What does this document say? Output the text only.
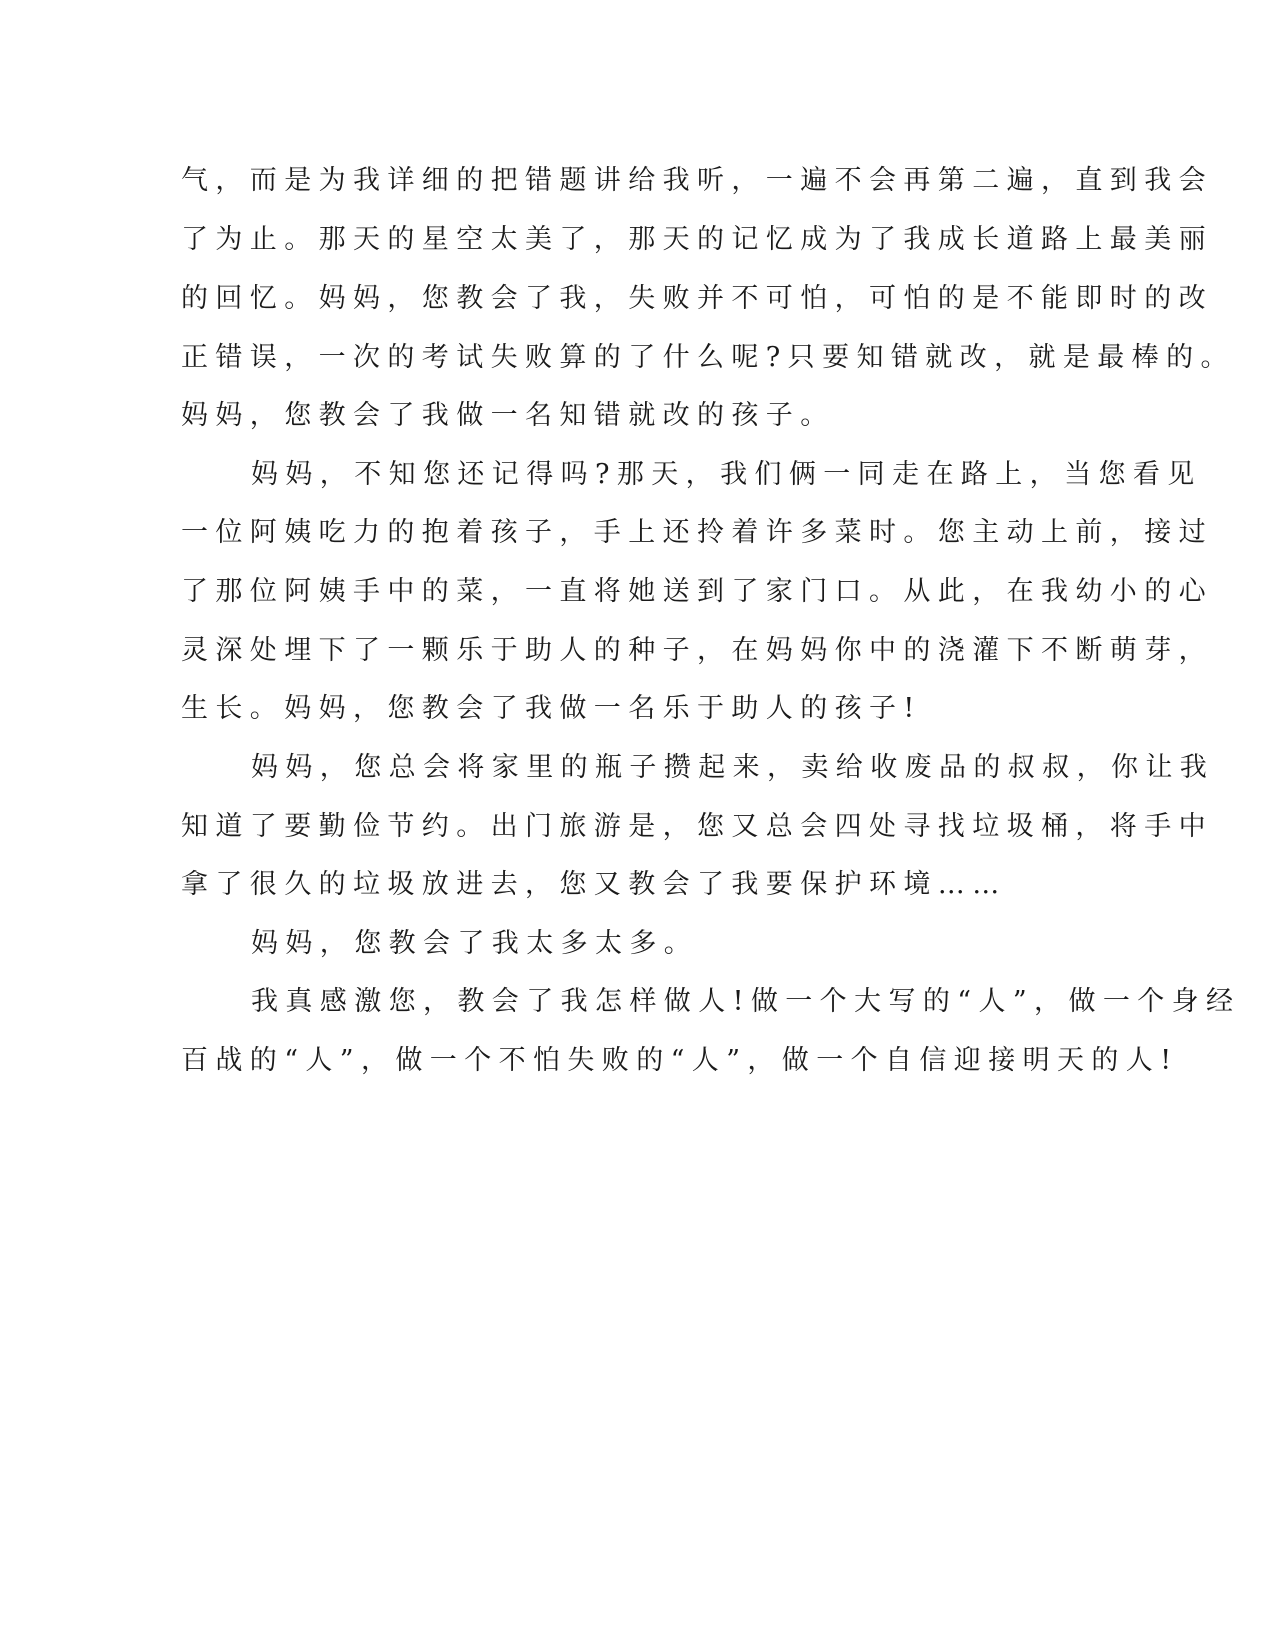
气，而是为我详细的把错题讲给我听，一遍不会再第二遍，直到我会
了为止。那天的星空太美了，那天的记忆成为了我成长道路上最美丽
的回忆。妈妈，您教会了我，失败并不可怕，可怕的是不能即时的改
正错误，一次的考试失败算的了什么呢?只要知错就改，就是最棒的。
妈妈，您教会了我做一名知错就改的孩子。
妈妈，不知您还记得吗?那天，我们俩一同走在路上，当您看见
一位阿姨吃力的抱着孩子，手上还拎着许多菜时。您主动上前，接过
了那位阿姨手中的菜，一直将她送到了家门口。从此，在我幼小的心
灵深处埋下了一颗乐于助人的种子，在妈妈你中的浇灌下不断萌芽，
生长。妈妈，您教会了我做一名乐于助人的孩子!
妈妈，您总会将家里的瓶子攒起来，卖给收废品的叔叔，你让我
知道了要勤俭节约。出门旅游是，您又总会四处寻找垃圾桶，将手中
拿了很久的垃圾放进去，您又教会了我要保护环境……
妈妈，您教会了我太多太多。
我真感激您，教会了我怎样做人!做一个大写的“人”，做一个身经
百战的“人”，做一个不怕失败的“人”，做一个自信迎接明天的人!
